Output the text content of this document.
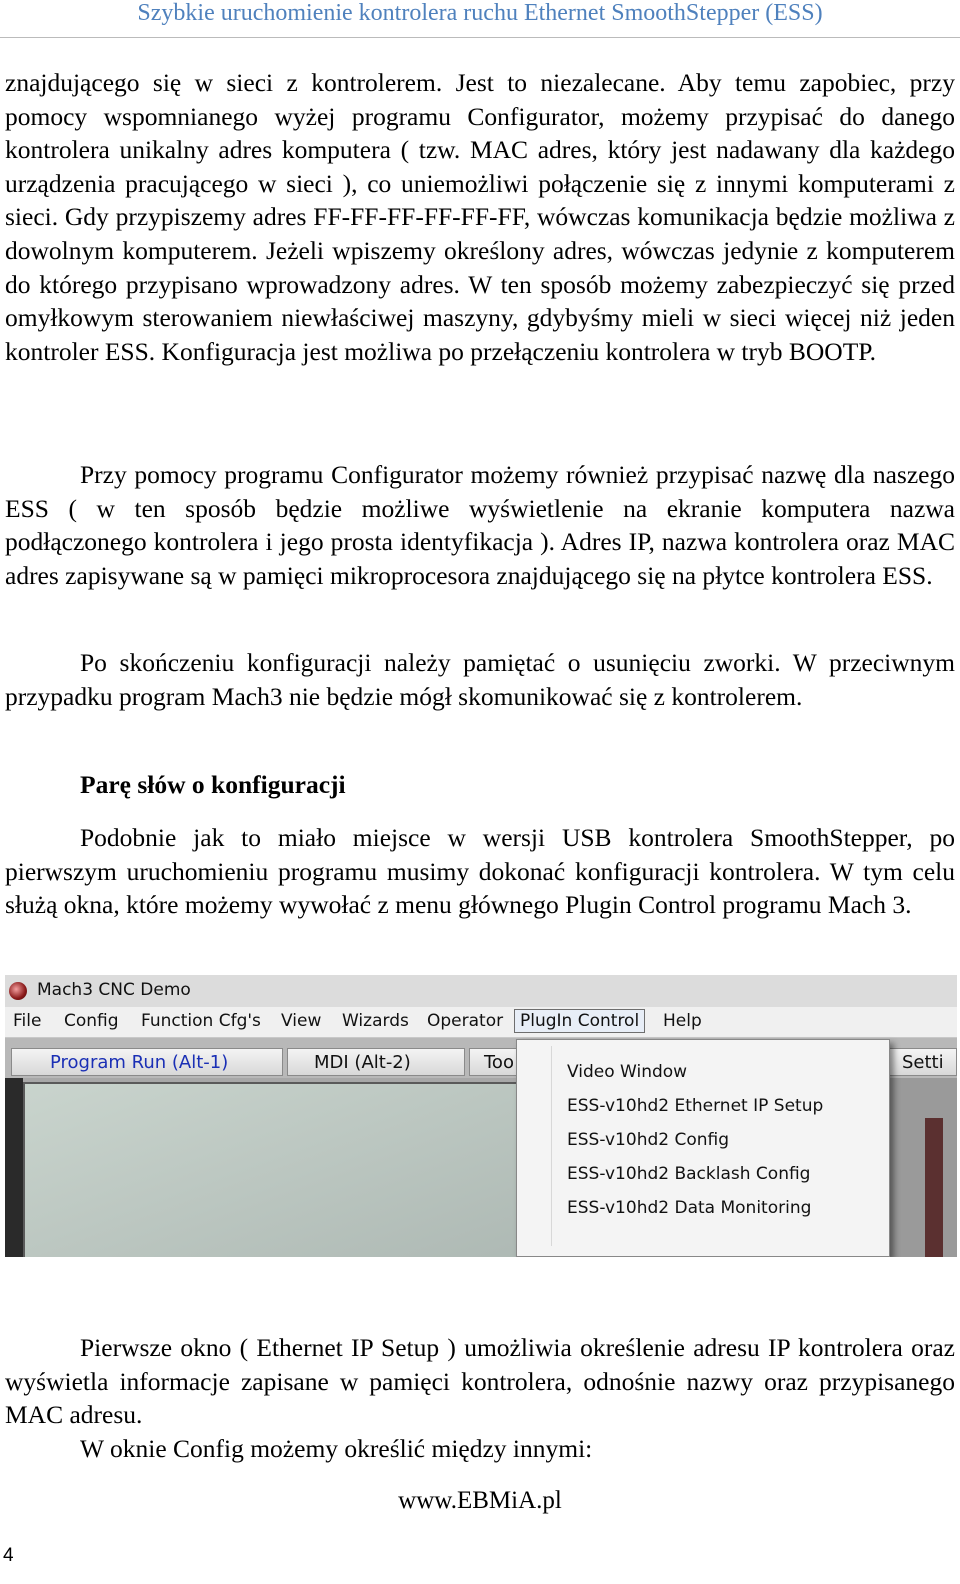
Szybkie uruchomienie kontrolera ruchu Ethernet SmoothStepper (ESS)

znajdującego się w sieci z kontrolerem. Jest to niezalecane. Aby temu zapobiec, przy pomocy wspomnianego wyżej programu Configurator, możemy przypisać do danego kontrolera unikalny adres komputera ( tzw. MAC adres, który jest nadawany dla każdego urządzenia pracującego w sieci ), co uniemożliwi połączenie się z innymi komputerami z sieci. Gdy przypiszemy adres FF-FF-FF-FF-FF-FF, wówczas komunikacja będzie możliwa z dowolnym komputerem. Jeżeli wpiszemy określony adres, wówczas jedynie z komputerem do którego przypisano wprowadzony adres. W ten sposób możemy zabezpieczyć się przed omyłkowym sterowaniem niewłaściwej maszyny, gdybyśmy mieli w sieci więcej niż jeden kontroler ESS. Konfiguracja jest możliwa po przełączeniu kontrolera w tryb BOOTP.

Przy pomocy programu Configurator możemy również przypisać nazwę dla naszego ESS ( w ten sposób będzie możliwe wyświetlenie na ekranie komputera nazwa podłączonego kontrolera i jego prosta identyfikacja ). Adres IP, nazwa kontrolera oraz MAC adres zapisywane są w pamięci mikroprocesora znajdującego się na płytce kontrolera ESS.

Po skończeniu konfiguracji należy pamiętać o usunięciu zworki. W przeciwnym przypadku program Mach3 nie będzie mógł skomunikować się z kontrolerem.

Parę słów o konfiguracji

Podobnie jak to miało miejsce w wersji USB kontrolera SmoothStepper, po pierwszym uruchomieniu programu musimy dokonać konfiguracji kontrolera. W tym celu służą okna, które możemy wywołać z menu głównego Plugin Control programu Mach 3.

Mach3 CNC Demo
File Config Function Cfg's View Wizards Operator PlugIn Control	Help
Program Run (Alt-1)	MDI (Alt-2)	Too	Setti
Video Window
ESS-v10hd2 Ethernet IP Setup
ESS-v10hd2 Config
ESS-v10hd2 Backlash Config
ESS-v10hd2 Data Monitoring

Pierwsze okno ( Ethernet IP Setup ) umożliwia określenie adresu IP kontrolera oraz wyświetla informacje zapisane w pamięci kontrolera, odnośnie nazwy oraz przypisanego MAC adresu.

W oknie Config możemy określić między innymi:

www.EBMiA.pl
4
